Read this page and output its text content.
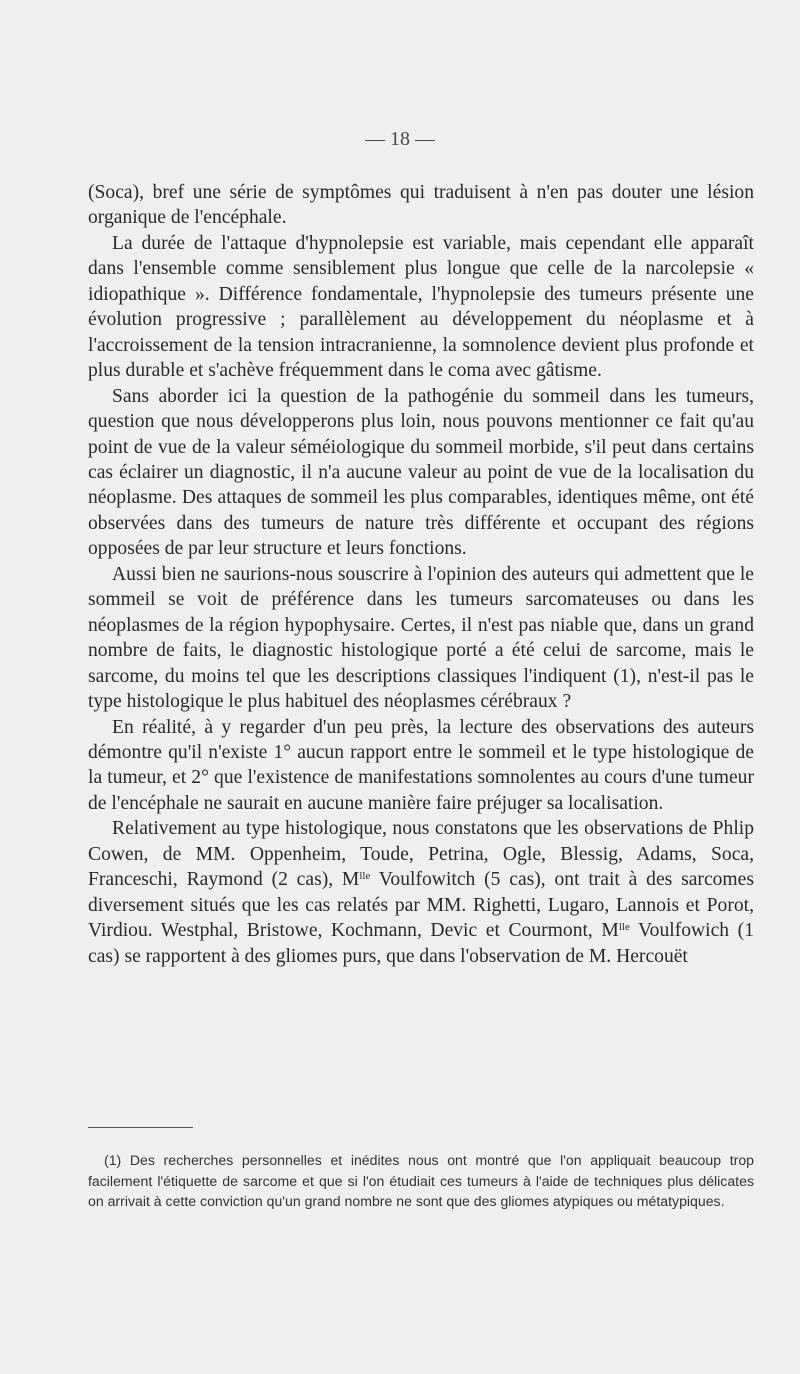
— 18 —

(Soca), bref une série de symptômes qui traduisent à n'en pas douter une lésion organique de l'encéphale.

La durée de l'attaque d'hypnolepsie est variable, mais cependant elle apparaît dans l'ensemble comme sensiblement plus longue que celle de la narcolepsie « idiopathique ». Différence fondamentale, l'hypnolepsie des tumeurs présente une évolution progressive ; parallèlement au développement du néoplasme et à l'accroissement de la tension intracranienne, la somnolence devient plus profonde et plus durable et s'achève fréquemment dans le coma avec gâtisme.

Sans aborder ici la question de la pathogénie du sommeil dans les tumeurs, question que nous développerons plus loin, nous pouvons mentionner ce fait qu'au point de vue de la valeur séméiologique du sommeil morbide, s'il peut dans certains cas éclairer un diagnostic, il n'a aucune valeur au point de vue de la localisation du néoplasme. Des attaques de sommeil les plus comparables, identiques même, ont été observées dans des tumeurs de nature très différente et occupant des régions opposées de par leur structure et leurs fonctions.

Aussi bien ne saurions-nous souscrire à l'opinion des auteurs qui admettent que le sommeil se voit de préférence dans les tumeurs sarcomateuses ou dans les néoplasmes de la région hypophysaire. Certes, il n'est pas niable que, dans un grand nombre de faits, le diagnostic histologique porté a été celui de sarcome, mais le sarcome, du moins tel que les descriptions classiques l'indiquent (1), n'est-il pas le type histologique le plus habituel des néoplasmes cérébraux ?

En réalité, à y regarder d'un peu près, la lecture des observations des auteurs démontre qu'il n'existe 1° aucun rapport entre le sommeil et le type histologique de la tumeur, et 2° que l'existence de manifestations somnolentes au cours d'une tumeur de l'encéphale ne saurait en aucune manière faire préjuger sa localisation.

Relativement au type histologique, nous constatons que les observations de Phlip Cowen, de MM. Oppenheim, Toude, Petrina, Ogle, Blessig, Adams, Soca, Franceschi, Raymond (2 cas), $M^{lle}$ Voulfowitch (5 cas), ont trait à des sarcomes diversement situés que les cas relatés par MM. Righetti, Lugaro, Lannois et Porot, Virdiou. Westphal, Bristowe, Kochmann, Devic et Courmont, $M^{lle}$ Voulfowich (1 cas) se rapportent à des gliomes purs, que dans l'observation de M. Hercouët

(1) Des recherches personnelles et inédites nous ont montré que l'on appliquait beaucoup trop facilement l'étiquette de sarcome et que si l'on étudiait ces tumeurs à l'aide de techniques plus délicates on arrivait à cette conviction qu'un grand nombre ne sont que des gliomes atypiques ou métatypiques.
